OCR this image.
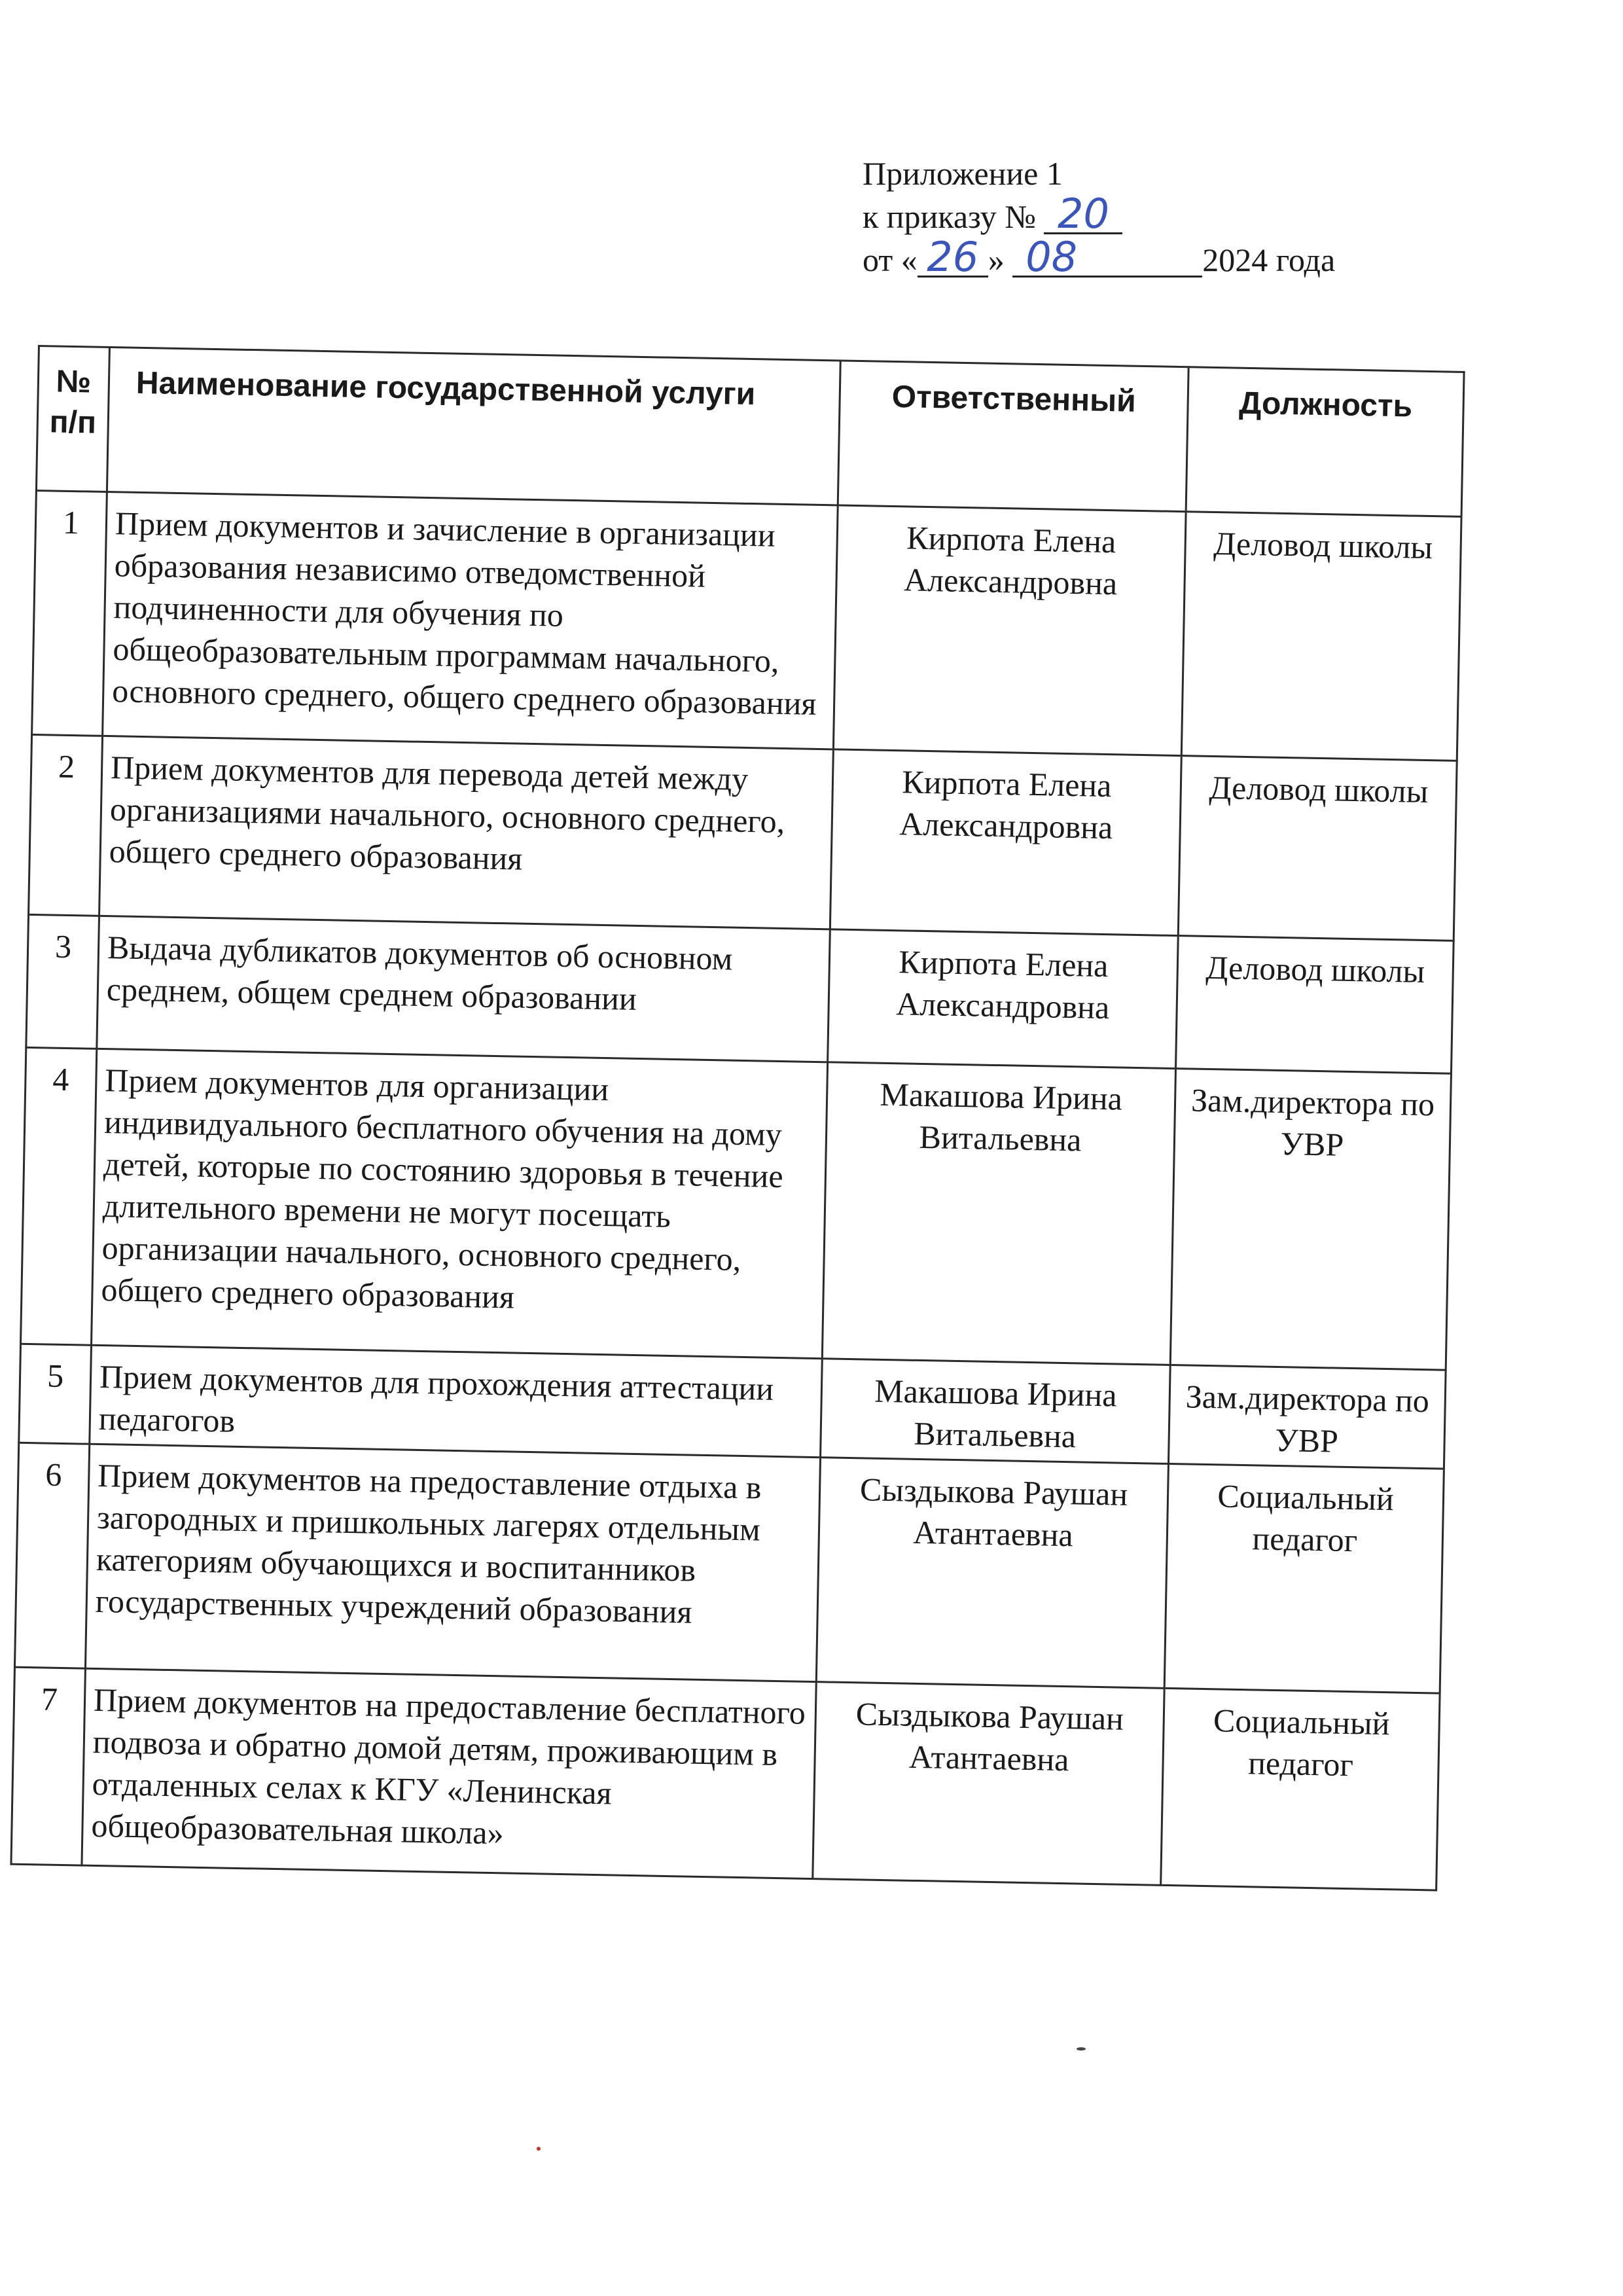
Приложение 1
к приказу № 20
от « 26 » 08	2024 года
№ п/п	Наименование государственной услуги	Ответственный	Должность
1	Прием документов и зачисление в организации образования независимо отведомственной подчиненности для обучения по общеобразовательным программам начального, основного среднего, общего среднего образования	Кирпота Елена Александровна	Деловод школы
2	Прием документов для перевода детей между организациями начального, основного среднего, общего среднего образования	Кирпота Елена Александровна	Деловод школы
3	Выдача дубликатов документов об основном среднем, общем среднем образовании	Кирпота Елена Александровна	Деловод школы
4	Прием документов для организации индивидуального бесплатного обучения на дому детей, которые по состоянию здоровья в течение длительного времени не могут посещать организации начального, основного среднего, общего среднего образования	Макашова Ирина Витальевна	Зам.директора по УВР
5	Прием документов для прохождения аттестации педагогов	Макашова Ирина Витальевна	Зам.директора по УВР
6	Прием документов на предоставление отдыха в загородных и пришкольных лагерях отдельным категориям обучающихся и воспитанников государственных учреждений образования	Сыздыкова Раушан Атантаевна	Социальный педагог
7	Прием документов на предоставление бесплатного подвоза и обратно домой детям, проживающим в отдаленных селах к КГУ «Ленинская общеобразовательная школа»	Сыздыкова Раушан Атантаевна	Социальный педагог
